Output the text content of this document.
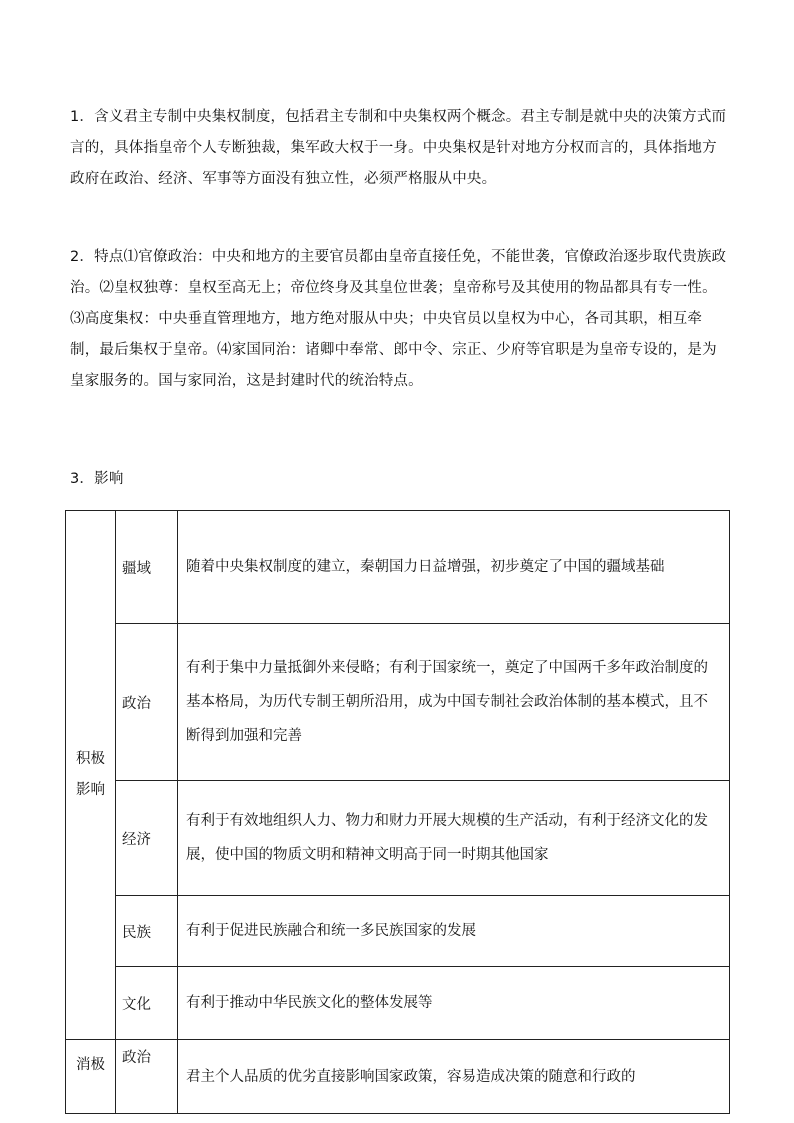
1．含义君主专制中央集权制度，包括君主专制和中央集权两个概念。君主专制是就中央的决策方式而言的，具体指皇帝个人专断独裁，集军政大权于一身。中央集权是针对地方分权而言的，具体指地方政府在政治、经济、军事等方面没有独立性，必须严格服从中央。

2．特点⑴官僚政治：中央和地方的主要官员都由皇帝直接任免，不能世袭，官僚政治逐步取代贵族政治。⑵皇权独尊：皇权至高无上；帝位终身及其皇位世袭；皇帝称号及其使用的物品都具有专一性。⑶高度集权：中央垂直管理地方，地方绝对服从中央；中央官员以皇权为中心，各司其职，相互牵制，最后集权于皇帝。⑷家国同治：诸卿中奉常、郎中令、宗正、少府等官职是为皇帝专设的，是为皇家服务的。国与家同治，这是封建时代的统治特点。

3．影响

积极
影响	疆域	随着中央集权制度的建立，秦朝国力日益增强，初步奠定了中国的疆域基础
	政治	有利于集中力量抵御外来侵略；有利于国家统一，奠定了中国两千多年政治制度的基本格局，为历代专制王朝所沿用，成为中国专制社会政治体制的基本模式，且不断得到加强和完善
	经济	有利于有效地组织人力、物力和财力开展大规模的生产活动，有利于经济文化的发展，使中国的物质文明和精神文明高于同一时期其他国家
	民族	有利于促进民族融合和统一多民族国家的发展
	文化	有利于推动中华民族文化的整体发展等
消极	政治	君主个人品质的优劣直接影响国家政策，容易造成决策的随意和行政的
